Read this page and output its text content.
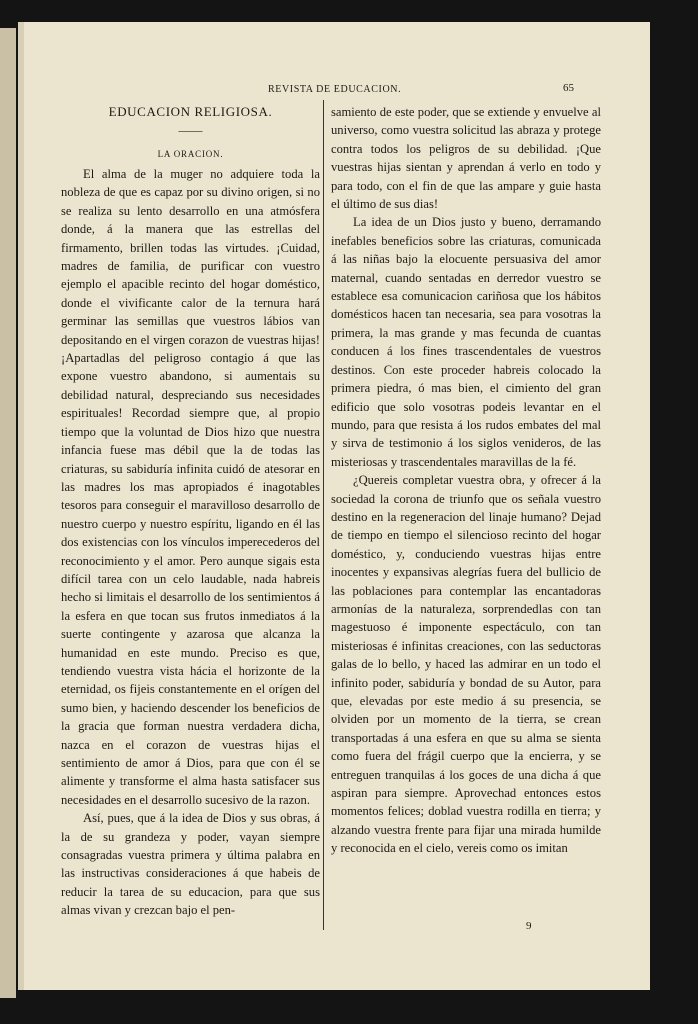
REVISTA DE EDUCACION.	65
EDUCACION RELIGIOSA.
——
LA ORACION.

El alma de la muger no adquiere toda la nobleza de que es capaz por su divino origen, si no se realiza su lento desarrollo en una atmósfera donde, á la manera que las estrellas del firmamento, brillen todas las virtudes. ¡Cuidad, madres de familia, de purificar con vuestro ejemplo el apacible recinto del hogar doméstico, donde el vivificante calor de la ternura hará germinar las semillas que vuestros lábios van depositando en el virgen corazon de vuestras hijas! ¡Apartadlas del peligroso contagio á que las expone vuestro abandono, si aumentais su debilidad natural, despreciando sus necesidades espirituales! Recordad siempre que, al propio tiempo que la voluntad de Dios hizo que nuestra infancia fuese mas débil que la de todas las criaturas, su sabiduría infinita cuidó de atesorar en las madres los mas apropiados é inagotables tesoros para conseguir el maravilloso desarrollo de nuestro cuerpo y nuestro espíritu, ligando en él las dos existencias con los vínculos imperecederos del reconocimiento y el amor. Pero aunque sigais esta difícil tarea con un celo laudable, nada habreis hecho si limitais el desarrollo de los sentimientos á la esfera en que tocan sus frutos inmediatos á la suerte contingente y azarosa que alcanza la humanidad en este mundo. Preciso es que, tendiendo vuestra vista hácia el horizonte de la eternidad, os fijeis constantemente en el orígen del sumo bien, y haciendo descender los beneficios de la gracia que forman nuestra verdadera dicha, nazca en el corazon de vuestras hijas el sentimiento de amor á Dios, para que con él se alimente y transforme el alma hasta satisfacer sus necesidades en el desarrollo sucesivo de la razon.

Así, pues, que á la idea de Dios y sus obras, á la de su grandeza y poder, vayan siempre consagradas vuestra primera y última palabra en las instructivas consideraciones á que habeis de reducir la tarea de su educacion, para que sus almas vivan y crezcan bajo el pen-

samiento de este poder, que se extiende y envuelve al universo, como vuestra solicitud las abraza y protege contra todos los peligros de su debilidad. ¡Que vuestras hijas sientan y aprendan á verlo en todo y para todo, con el fin de que las ampare y guie hasta el último de sus dias!

La idea de un Dios justo y bueno, derramando inefables beneficios sobre las criaturas, comunicada á las niñas bajo la elocuente persuasiva del amor maternal, cuando sentadas en derredor vuestro se establece esa comunicacion cariñosa que los hábitos domésticos hacen tan necesaria, sea para vosotras la primera, la mas grande y mas fecunda de cuantas conducen á los fines trascendentales de vuestros destinos. Con este proceder habreis colocado la primera piedra, ó mas bien, el cimiento del gran edificio que solo vosotras podeis levantar en el mundo, para que resista á los rudos embates del mal y sirva de testimonio á los siglos venideros, de las misteriosas y trascendentales maravillas de la fé.

¿Quereis completar vuestra obra, y ofrecer á la sociedad la corona de triunfo que os señala vuestro destino en la regeneracion del linaje humano? Dejad de tiempo en tiempo el silencioso recinto del hogar doméstico, y, conduciendo vuestras hijas entre inocentes y expansivas alegrías fuera del bullicio de las poblaciones para contemplar las encantadoras armonías de la naturaleza, sorprendedlas con tan magestuoso é imponente espectáculo, con tan misteriosas é infinitas creaciones, con las seductoras galas de lo bello, y haced las admirar en un todo el infinito poder, sabiduría y bondad de su Autor, para que, elevadas por este medio á su presencia, se olviden por un momento de la tierra, se crean transportadas á una esfera en que su alma se sienta como fuera del frágil cuerpo que la encierra, y se entreguen tranquilas á los goces de una dicha á que aspiran para siempre. Aprovechad entonces estos momentos felices; doblad vuestra rodilla en tierra; y alzando vuestra frente para fijar una mirada humilde y reconocida en el cielo, vereis como os imitan

9
